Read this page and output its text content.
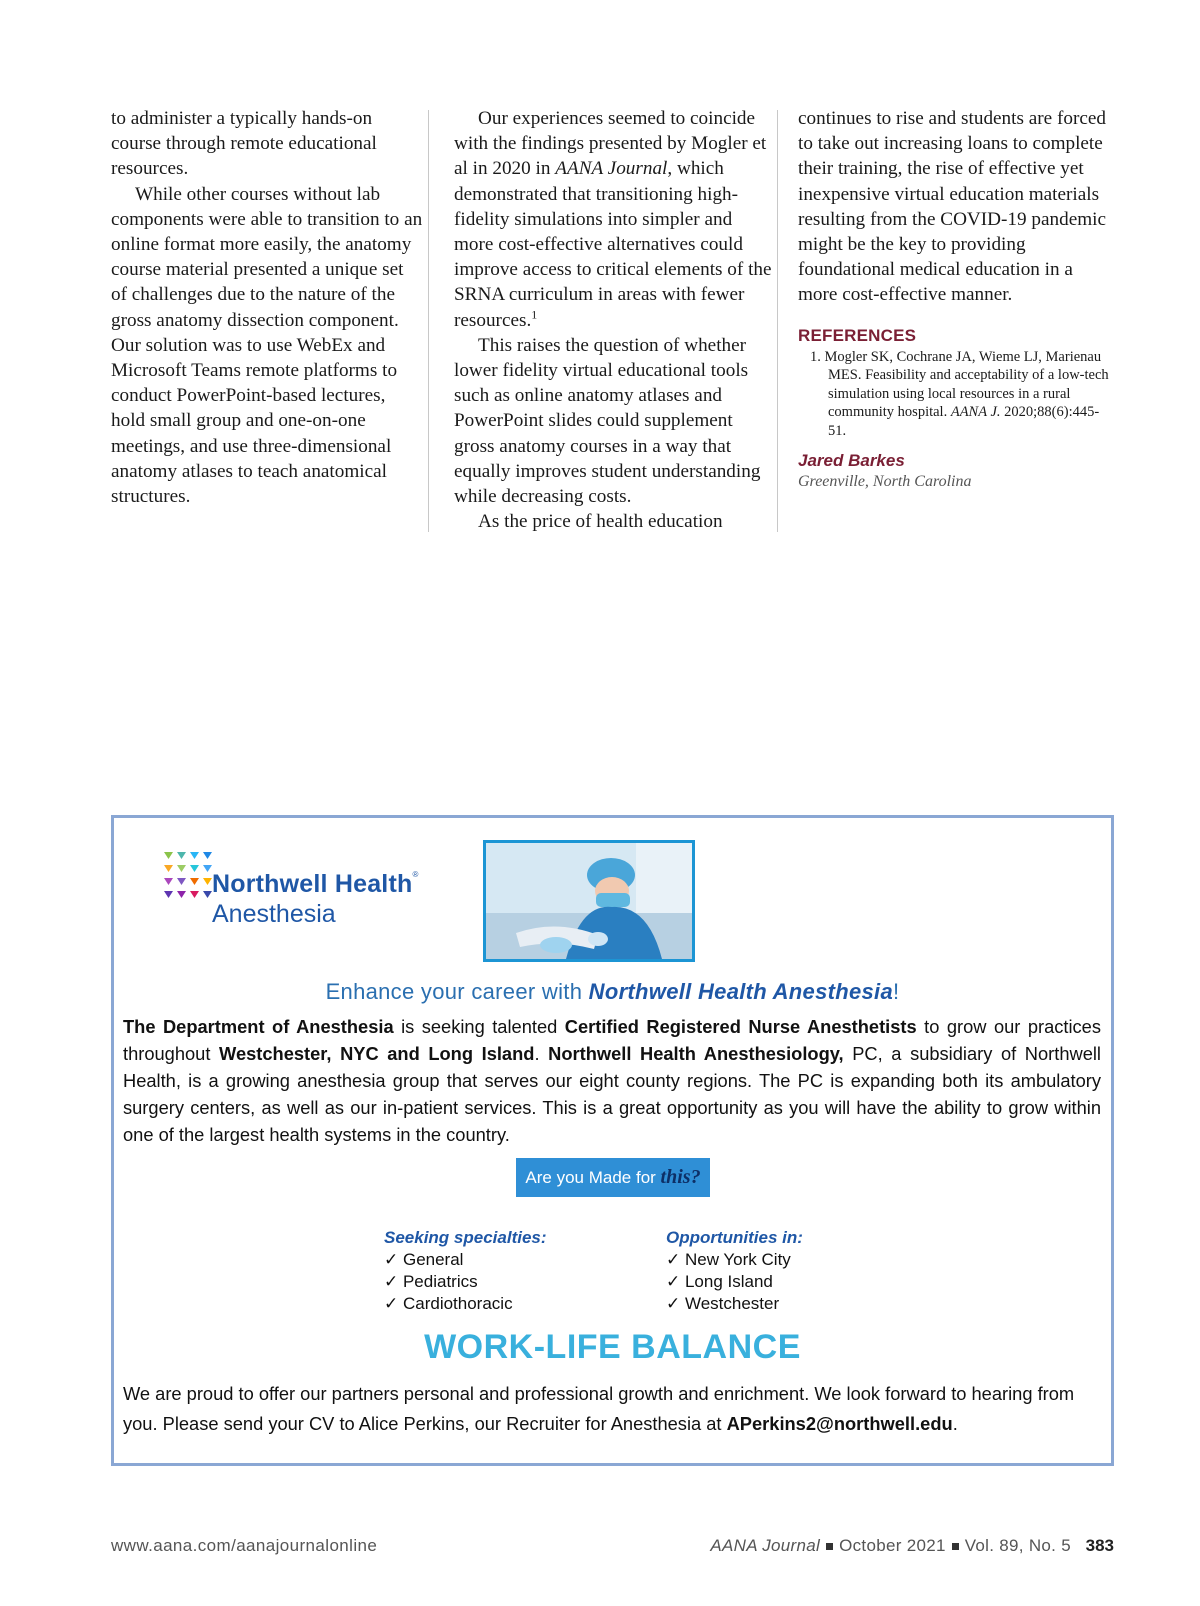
to administer a typically hands-on course through remote educational resources.

While other courses without lab components were able to transition to an online format more easily, the anatomy course material presented a unique set of challenges due to the nature of the gross anatomy dissection component. Our solution was to use WebEx and Microsoft Teams remote platforms to conduct PowerPoint-based lectures, hold small group and one-on-one meetings, and use three-dimensional anatomy atlases to teach anatomical structures.

Our experiences seemed to coincide with the findings presented by Mogler et al in 2020 in AANA Journal, which demonstrated that transitioning high-fidelity simulations into simpler and more cost-effective alternatives could improve access to critical elements of the SRNA curriculum in areas with fewer resources.$^1$

This raises the question of whether lower fidelity virtual educational tools such as online anatomy atlases and PowerPoint slides could supplement gross anatomy courses in a way that equally improves student understanding while decreasing costs.

As the price of health education

continues to rise and students are forced to take out increasing loans to complete their training, the rise of effective yet inexpensive virtual education materials resulting from the COVID-19 pandemic might be the key to providing foundational medical education in a more cost-effective manner.

REFERENCES
1. Mogler SK, Cochrane JA, Wieme LJ, Marienau MES. Feasibility and acceptability of a low-tech simulation using local resources in a rural community hospital. AANA J. 2020;88(6):445-51.
Jared Barkes
Greenville, North Carolina
Northwell Health®
Anesthesia
Enhance your career with Northwell Health Anesthesia!
The Department of Anesthesia is seeking talented Certified Registered Nurse Anesthetists to grow our practices throughout Westchester, NYC and Long Island. Northwell Health Anesthesiology, PC, a subsidiary of Northwell Health, is a growing anesthesia group that serves our eight county regions. The PC is expanding both its ambulatory surgery centers, as well as our in-patient services. This is a great opportunity as you will have the ability to grow within one of the largest health systems in the country.
Are you Made for this?
Seeking specialties:
✓ General
✓ Pediatrics
✓ Cardiothoracic
Opportunities in:
✓ New York City
✓ Long Island
✓ Westchester
WORK-LIFE BALANCE
We are proud to offer our partners personal and professional growth and enrichment. We look forward to hearing from you. Please send your CV to Alice Perkins, our Recruiter for Anesthesia at APerkins2@northwell.edu.
www.aana.com/aanajournalonline	AANA Journal October 2021 Vol. 89, No. 5 383
